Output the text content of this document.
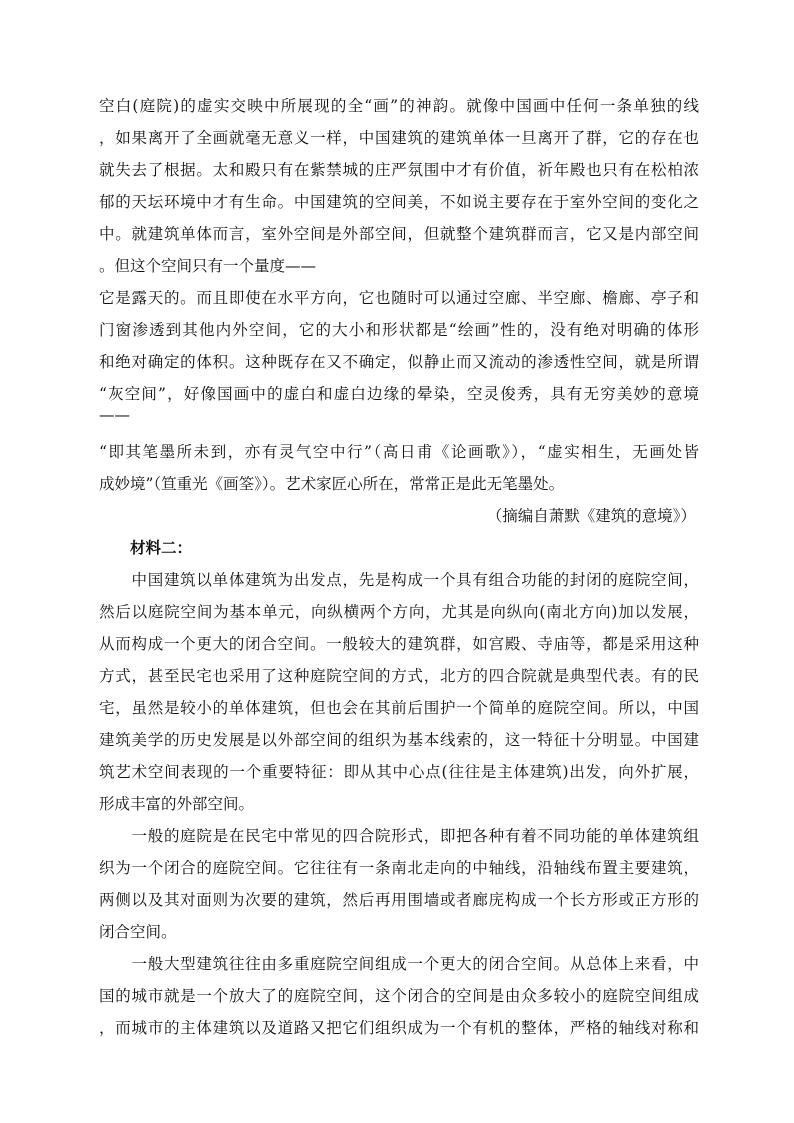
空白(庭院)的虚实交映中所展现的全“画”的神韵。就像中国画中任何一条单独的线
，如果离开了全画就毫无意义一样，中国建筑的建筑单体一旦离开了群，它的存在也
就失去了根据。太和殿只有在紫禁城的庄严氛围中才有价值，祈年殿也只有在松柏浓
郁的天坛环境中才有生命。中国建筑的空间美，不如说主要存在于室外空间的变化之
中。就建筑单体而言，室外空间是外部空间，但就整个建筑群而言，它又是内部空间
。但这个空间只有一个量度——
它是露天的。而且即使在水平方向，它也随时可以通过空廊、半空廊、檐廊、亭子和
门窗渗透到其他内外空间，它的大小和形状都是“绘画”性的，没有绝对明确的体形
和绝对确定的体积。这种既存在又不确定，似静止而又流动的渗透性空间，就是所谓
“灰空间”，好像国画中的虚白和虚白边缘的晕染，空灵俊秀，具有无穷美妙的意境
——
“即其笔墨所未到，亦有灵气空中行”（高日甫《论画歌》），“虚实相生，无画处皆
成妙境”（笪重光《画筌》）。艺术家匠心所在，常常正是此无笔墨处。
（摘编自萧默《建筑的意境》）
材料二：
　　中国建筑以单体建筑为出发点，先是构成一个具有组合功能的封闭的庭院空间，
然后以庭院空间为基本单元，向纵横两个方向，尤其是向纵向(南北方向)加以发展，
从而构成一个更大的闭合空间。一般较大的建筑群，如宫殿、寺庙等，都是采用这种
方式，甚至民宅也采用了这种庭院空间的方式，北方的四合院就是典型代表。有的民
宅，虽然是较小的单体建筑，但也会在其前后围护一个简单的庭院空间。所以，中国
建筑美学的历史发展是以外部空间的组织为基本线索的，这一特征十分明显。中国建
筑艺术空间表现的一个重要特征：即从其中心点(往往是主体建筑)出发，向外扩展，
形成丰富的外部空间。
　　一般的庭院是在民宅中常见的四合院形式，即把各种有着不同功能的单体建筑组
织为一个闭合的庭院空间。它往往有一条南北走向的中轴线，沿轴线布置主要建筑，
两侧以及其对面则为次要的建筑，然后再用围墙或者廊庑构成一个长方形或正方形的
闭合空间。
　　一般大型建筑往往由多重庭院空间组成一个更大的闭合空间。从总体上来看，中
国的城市就是一个放大了的庭院空间，这个闭合的空间是由众多较小的庭院空间组成
，而城市的主体建筑以及道路又把它们组织成为一个有机的整体，严格的轴线对称和
